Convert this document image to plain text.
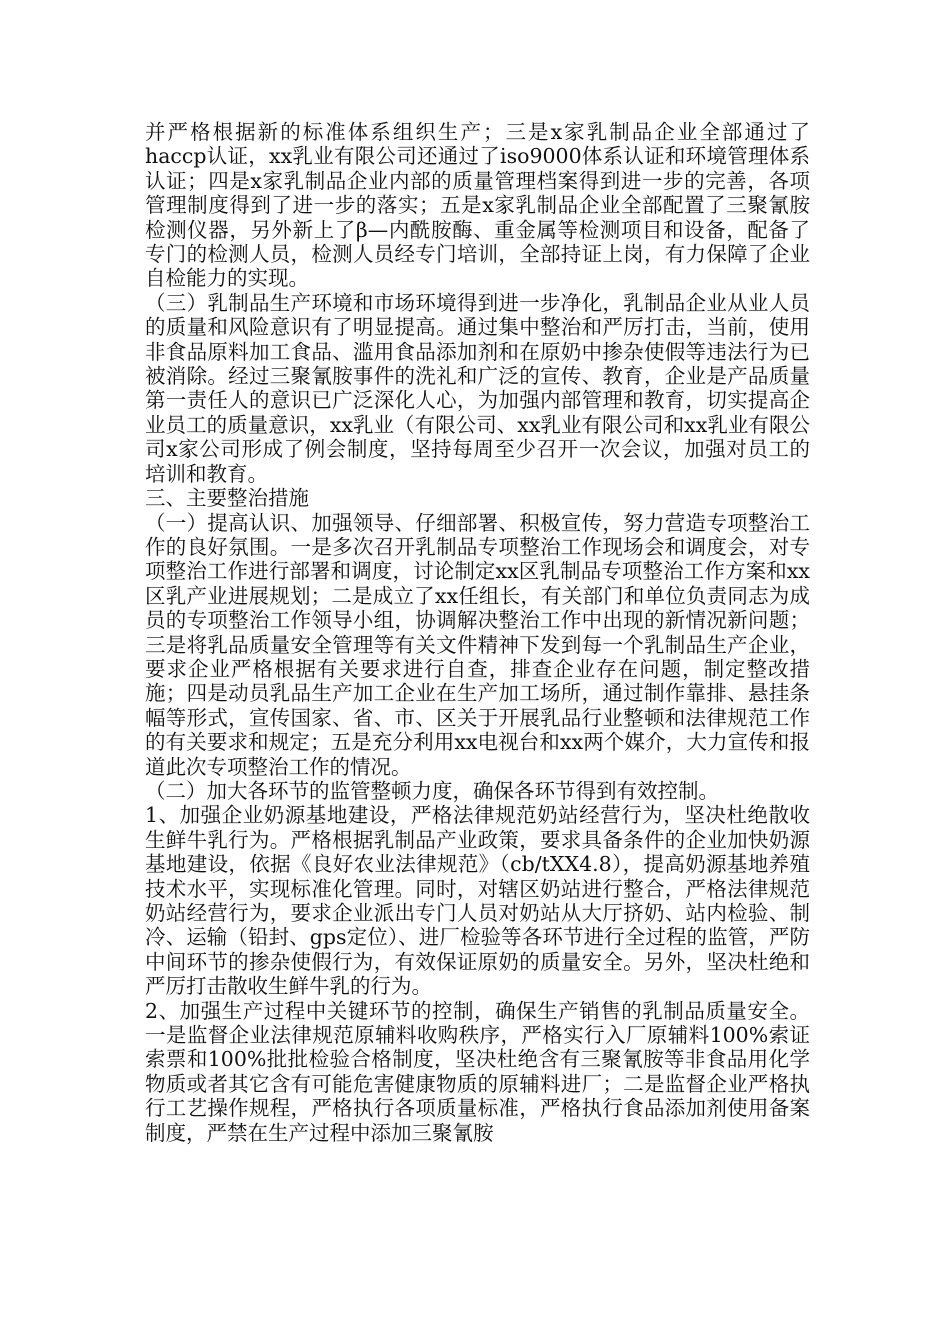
并严格根据新的标准体系组织生产；三是x家乳制品企业全部通过了haccp认证，xx乳业有限公司还通过了iso9000体系认证和环境管理体系认证；四是x家乳制品企业内部的质量管理档案得到进一步的完善，各项管理制度得到了进一步的落实；五是x家乳制品企业全部配置了三聚氰胺检测仪器，另外新上了β—内酰胺酶、重金属等检测项目和设备，配备了专门的检测人员，检测人员经专门培训，全部持证上岗，有力保障了企业自检能力的实现。

（三）乳制品生产环境和市场环境得到进一步净化，乳制品企业从业人员的质量和风险意识有了明显提高。通过集中整治和严厉打击，当前，使用非食品原料加工食品、滥用食品添加剂和在原奶中掺杂使假等违法行为已被消除。经过三聚氰胺事件的洗礼和广泛的宣传、教育，企业是产品质量第一责任人的意识已广泛深化人心，为加强内部管理和教育，切实提高企业员工的质量意识，xx乳业（有限公司、xx乳业有限公司和xx乳业有限公司x家公司形成了例会制度，坚持每周至少召开一次会议，加强对员工的培训和教育。

三、主要整治措施

（一）提高认识、加强领导、仔细部署、积极宣传，努力营造专项整治工作的良好氛围。一是多次召开乳制品专项整治工作现场会和调度会，对专项整治工作进行部署和调度，讨论制定xx区乳制品专项整治工作方案和xx区乳产业进展规划；二是成立了xx任组长，有关部门和单位负责同志为成员的专项整治工作领导小组，协调解决整治工作中出现的新情况新问题；三是将乳品质量安全管理等有关文件精神下发到每一个乳制品生产企业，要求企业严格根据有关要求进行自查，排查企业存在问题，制定整改措施；四是动员乳品生产加工企业在生产加工场所，通过制作靠排、悬挂条幅等形式，宣传国家、省、市、区关于开展乳品行业整顿和法律规范工作的有关要求和规定；五是充分利用xx电视台和xx两个媒介，大力宣传和报道此次专项整治工作的情况。

（二）加大各环节的监管整顿力度，确保各环节得到有效控制。

1、加强企业奶源基地建设，严格法律规范奶站经营行为，坚决杜绝散收生鲜牛乳行为。严格根据乳制品产业政策，要求具备条件的企业加快奶源基地建设，依据《良好农业法律规范》（cb/tXX4.8），提高奶源基地养殖技术水平，实现标准化管理。同时，对辖区奶站进行整合，严格法律规范奶站经营行为，要求企业派出专门人员对奶站从大厅挤奶、站内检验、制冷、运输（铅封、gps定位）、进厂检验等各环节进行全过程的监管，严防中间环节的掺杂使假行为，有效保证原奶的质量安全。另外，坚决杜绝和严厉打击散收生鲜牛乳的行为。

2、加强生产过程中关键环节的控制，确保生产销售的乳制品质量安全。一是监督企业法律规范原辅料收购秩序，严格实行入厂原辅料100%索证索票和100%批批检验合格制度，坚决杜绝含有三聚氰胺等非食品用化学物质或者其它含有可能危害健康物质的原辅料进厂；二是监督企业严格执行工艺操作规程，严格执行各项质量标准，严格执行食品添加剂使用备案制度，严禁在生产过程中添加三聚氰胺
